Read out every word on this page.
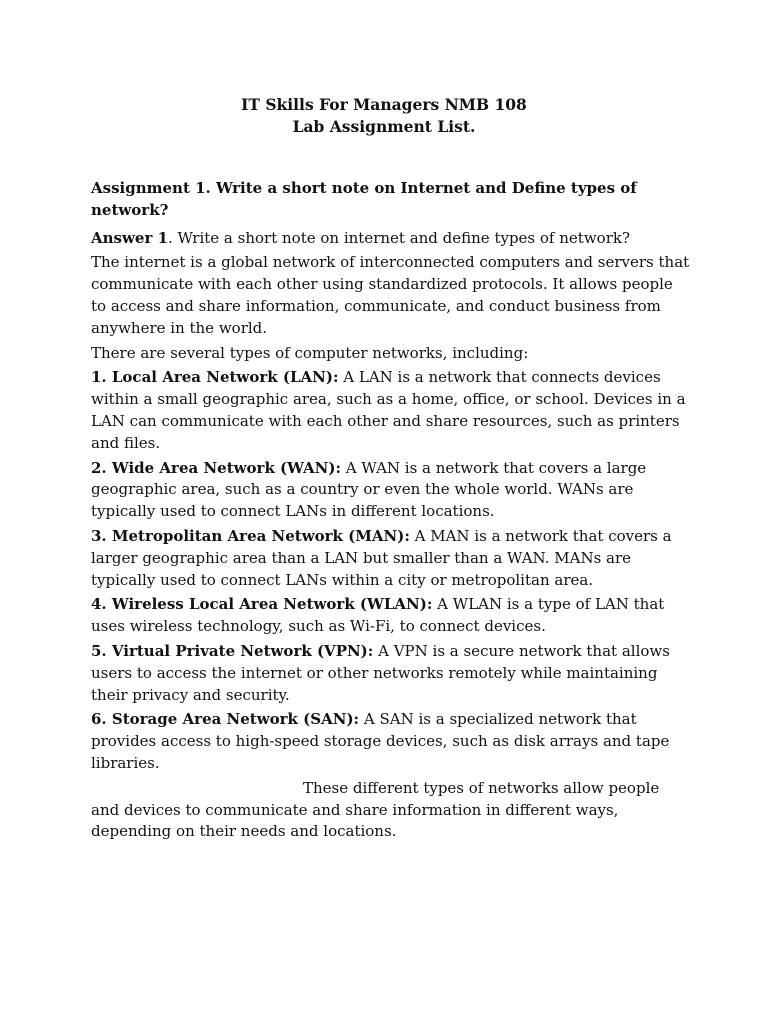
IT Skills For Managers NMB 108
Lab Assignment List.

Assignment 1. Write a short note on Internet and Define types of network?

Answer 1. Write a short note on internet and define types of network?

The internet is a global network of interconnected computers and servers that communicate with each other using standardized protocols. It allows people to access and share information, communicate, and conduct business from anywhere in the world.

There are several types of computer networks, including:

1. Local Area Network (LAN): A LAN is a network that connects devices within a small geographic area, such as a home, office, or school. Devices in a LAN can communicate with each other and share resources, such as printers and files.

2. Wide Area Network (WAN): A WAN is a network that covers a large geographic area, such as a country or even the whole world. WANs are typically used to connect LANs in different locations.

3. Metropolitan Area Network (MAN): A MAN is a network that covers a larger geographic area than a LAN but smaller than a WAN. MANs are typically used to connect LANs within a city or metropolitan area.

4. Wireless Local Area Network (WLAN): A WLAN is a type of LAN that uses wireless technology, such as Wi-Fi, to connect devices.

5. Virtual Private Network (VPN): A VPN is a secure network that allows users to access the internet or other networks remotely while maintaining their privacy and security.

6. Storage Area Network (SAN): A SAN is a specialized network that provides access to high-speed storage devices, such as disk arrays and tape libraries.

These different types of networks allow people and devices to communicate and share information in different ways, depending on their needs and locations.
